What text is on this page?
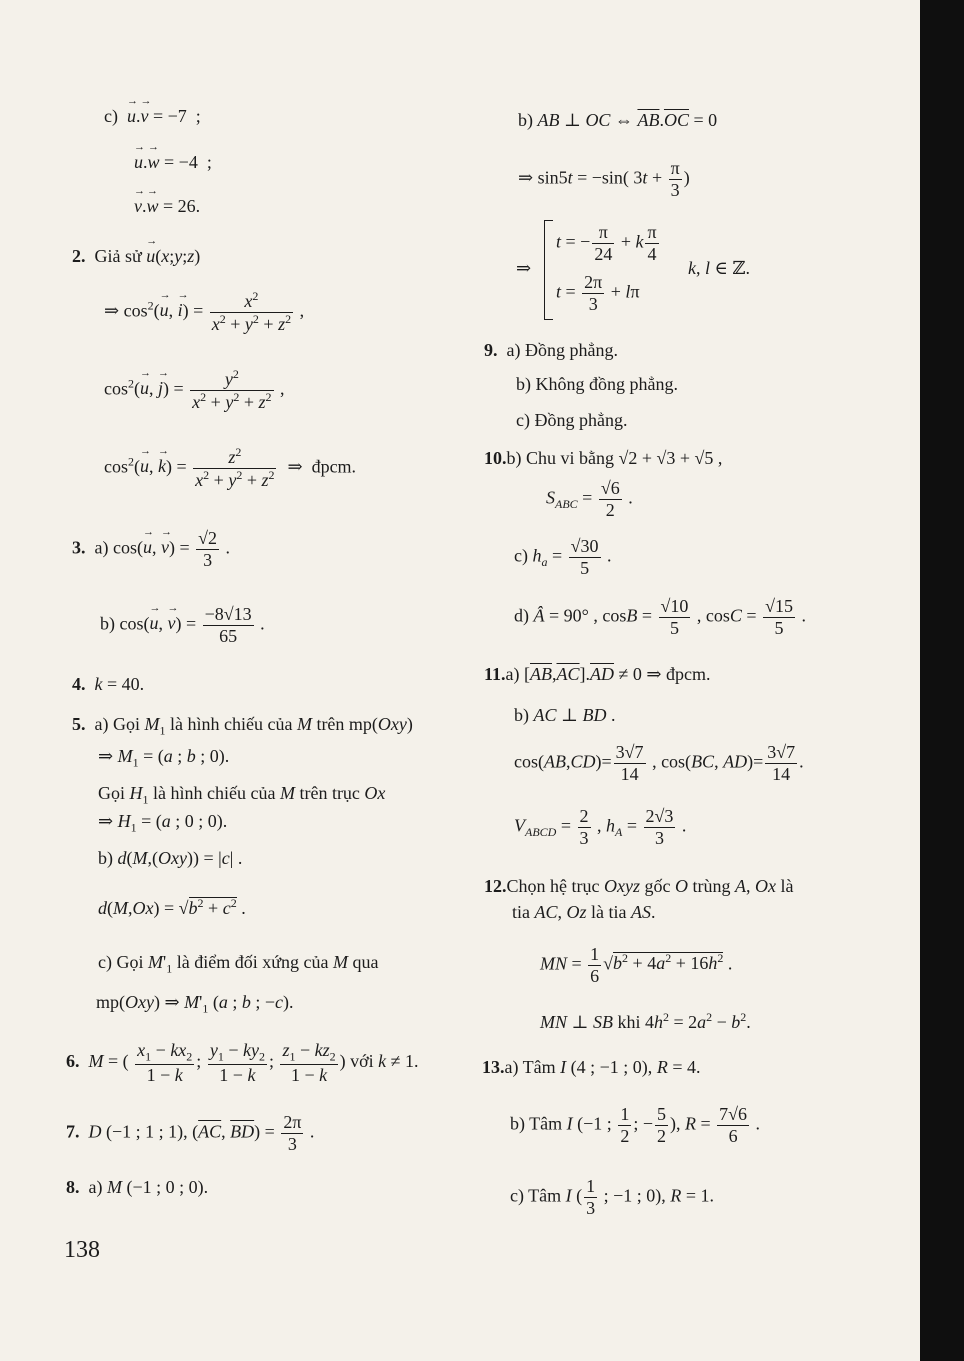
c)  → u.→ v = −7  ;
→ u.→ w = −4  ;
→ v.→ w = 26.
2.  Giả sử → u(x;y;z)
⇒ $\cos^2(\to u$, → $i) = \frac{x^2}{x^2 + y^2 + z^2}$ ,
$\cos^2(\to u$, → $j) = \frac{y^2}{x^2 + y^2 + z^2}$ ,
$\cos^2(\to u$, → $k) = \frac{z^2}{x^2 + y^2 + z^2}$ ⇒  đpcm.
3.  a) cos(→ u, → $v) = \frac{√2}{3}$ .
b) cos(→ u, → $v) = \frac{-8√13}{65}$ .
4. k = 40.
5.  a) Gọi $M_1$ là hình chiếu của M trên mp(Oxy)
⇒ $M_1 = (a$ ; b ; 0).
Gọi $H_1$ là hình chiếu của M trên trục Ox
⇒ $H_1 = (a$ ; 0 ; 0).
b) d(M,(Oxy)) = |c| .
$d(M,Ox) = √b^2 + c^2$ .
c) Gọi $M'_1$ là điểm đối xứng của M qua
mp(Oxy) ⇒ $M'_1$ (a ; b ; −c).
6. M = ( $\frac{x_1 - kx_2}{1 - k}$ ; $\frac{y_1 - ky_2}{1 - k}$ ; $\frac{z_1 - kz_2}{1 - k}$ ) với k ≠ 1.
7. D (−1 ; 1 ; 1), ($\overline{AC}$, $\overline{BD}) = \frac{2\pi}{3}$ .
8.  a) M (−1 ; 0 ; 0).
138
b) AB ⊥ OC ⇔ $\overline{AB}.\overline{OC} = 0$
⇒ sin5t = −sin( $3t + \frac{\pi}{3}$ )
⇒
t = − $\frac{\pi}{24} + k \frac{\pi}{4}$
$t = \frac{2\pi}{3} + l\pi$
k, l ∈ ℤ.
9.  a) Đồng phẳng.
b) Không đồng phẳng.
c) Đồng phẳng.
10.b) Chu vi bằng √2 + √3 + √5 ,
$S_{ABC} = \frac{√6}{2}$ .
c) $h_a = \frac{√30}{5}$ .
d) Â = 90° , $\cos B = \frac{√10}{5}$ , $\cos C = \frac{√15}{5}$ .
11.a) $[\overline{AB},\overline{AC}].\overline{AD} \ne 0$ ⇒ đpcm.
b) AC ⊥ BD .
$\cos(AB,CD)= \frac{3√7}{14}$ , cos(BC, $AD)= \frac{3√7}{14}$ .
$V_{ABCD} = \frac{2}{3}$ , $h_A = \frac{2√3}{3}$ .
12.Chọn hệ trục Oxyz gốc O trùng A, Ox là
tia AC, Oz là tia AS.
MN = $\frac{1}{6} √b^2 + 4a^2 + 16h^2$ .
MN ⊥ SB khi $4h^2 = 2a^2 - b^2$.
13.a) Tâm I (4 ; −1 ; 0), R = 4.
b) Tâm I (−1 ; $\frac{1}{2}$ ; − $\frac{5}{2}$ ), $R = \frac{7√6}{6}$ .
c) Tâm I ( $\frac{1}{3}$ ; −1 ; 0), R = 1.
